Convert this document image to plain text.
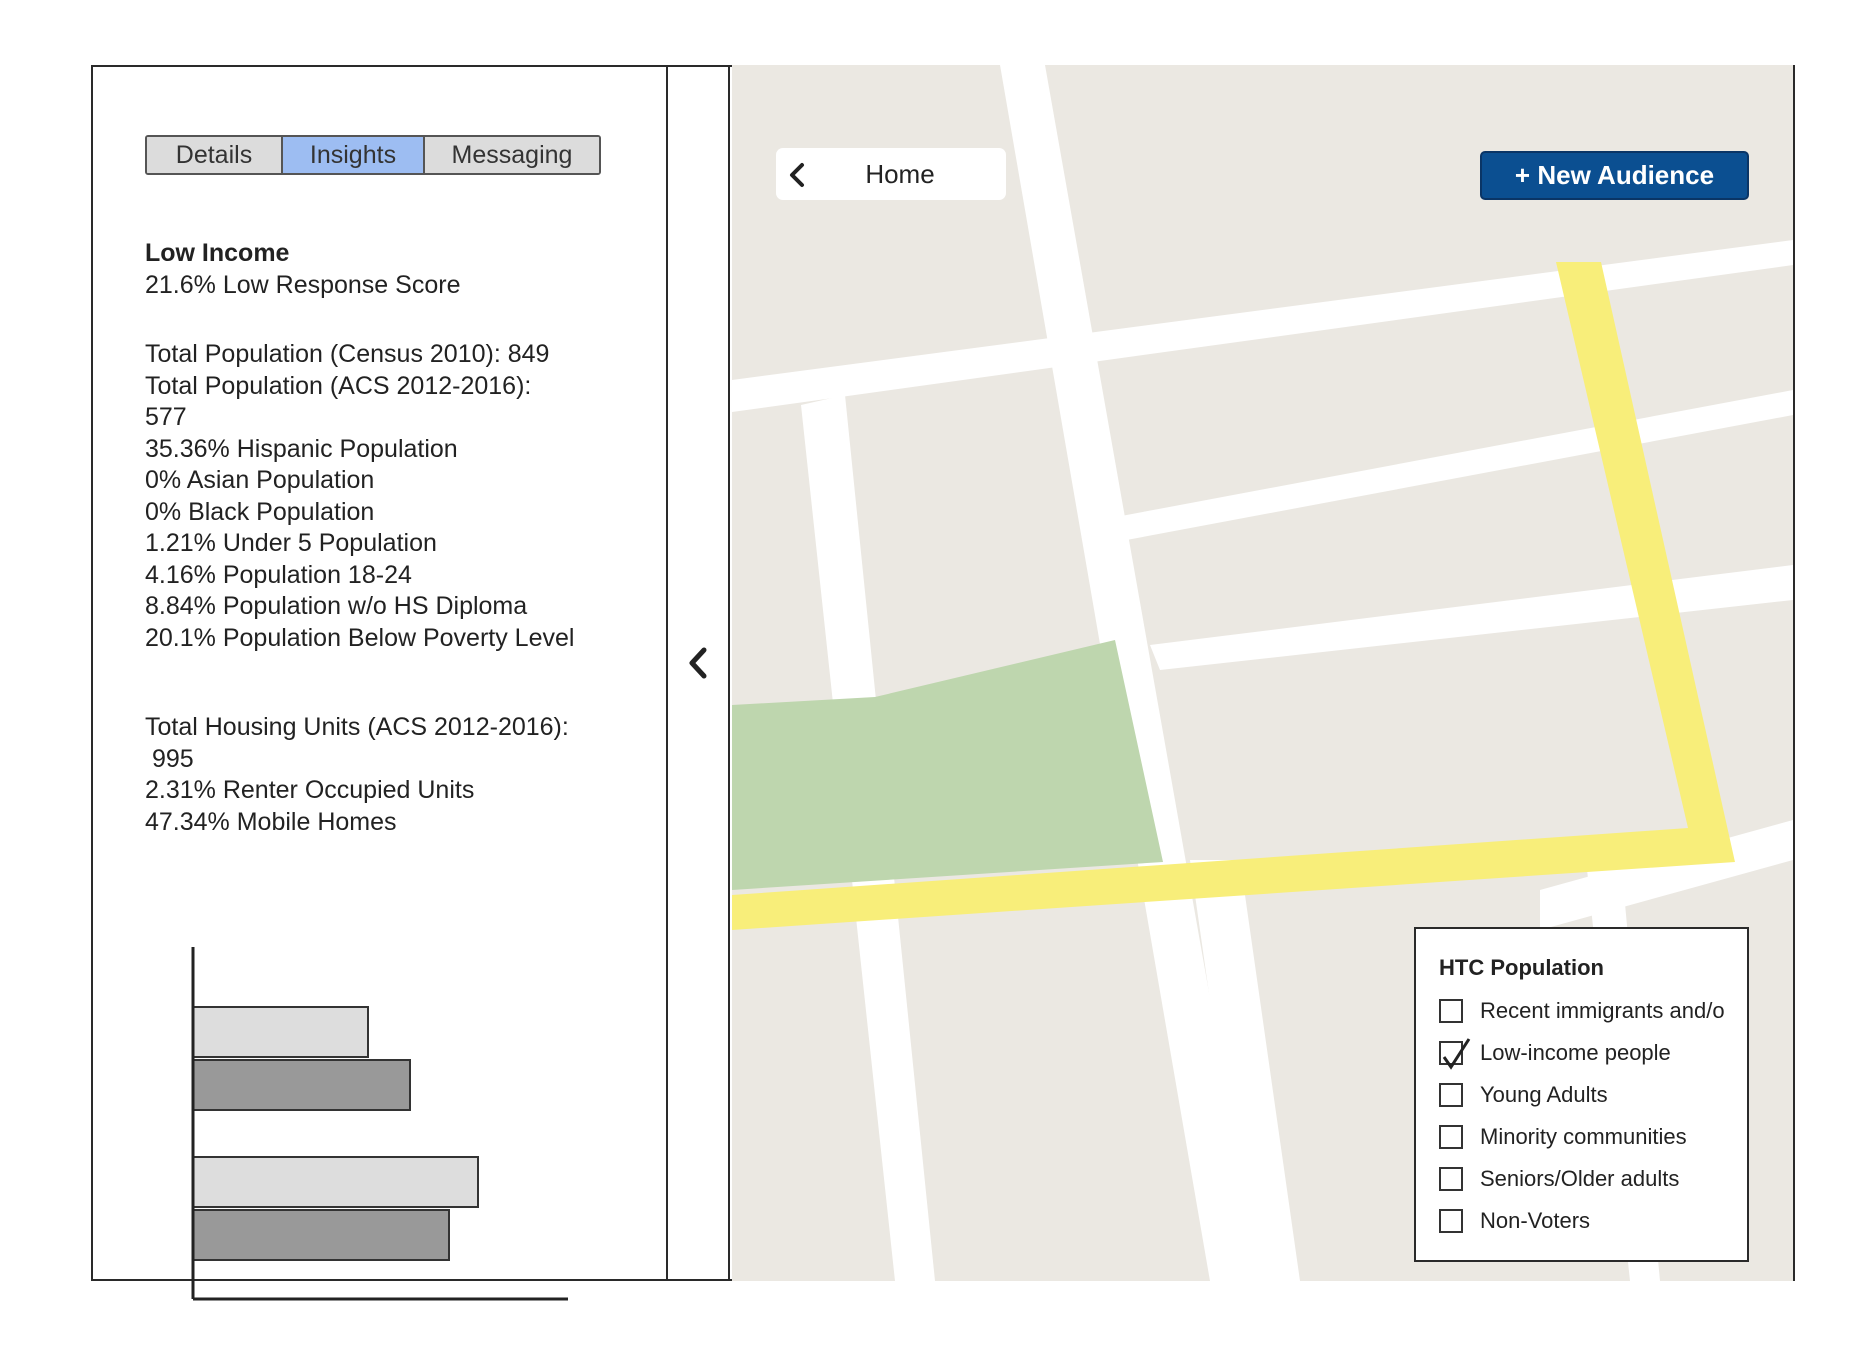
Details	Insights	Messaging
Low Income
21.6% Low Response Score
Total Population (Census 2010): 849
Total Population (ACS 2012-2016):
577
35.36% Hispanic Population
0% Asian Population
0% Black Population
1.21% Under 5 Population
4.16% Population 18-24
8.84% Population w/o HS Diploma
20.1% Population Below Poverty Level
Total Housing Units (ACS 2012-2016):
995
2.31% Renter Occupied Units
47.34% Mobile Homes
Home	+ New Audience
HTC Population
Recent immigrants and/o
Low-income people
Young Adults
Minority communities
Seniors/Older adults
Non-Voters
